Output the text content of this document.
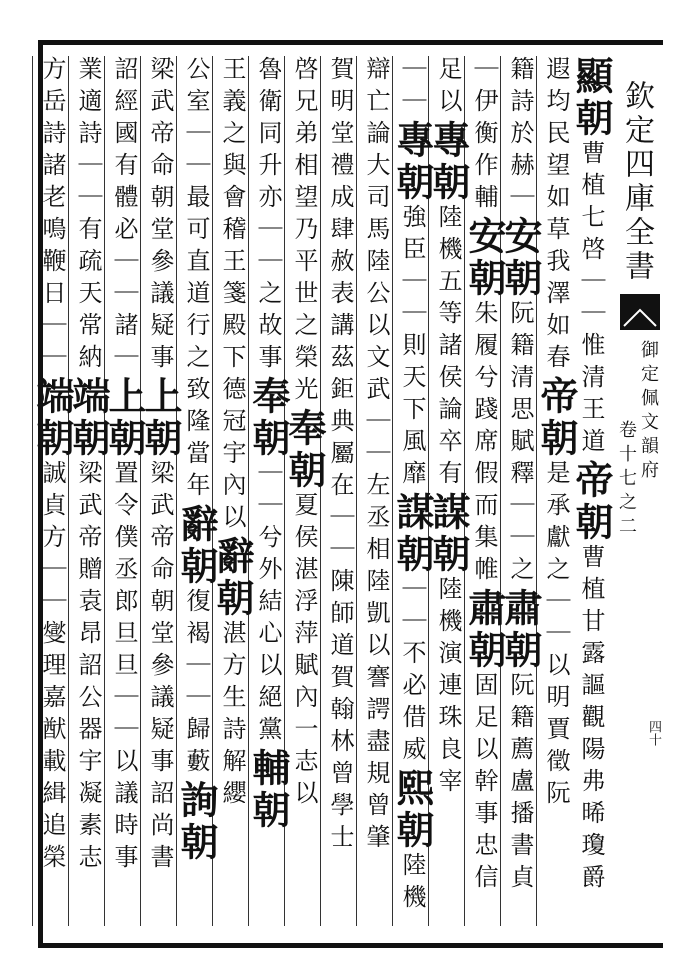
欽定四庫全書
御定佩文韻府
卷十七之二
四十
顯朝曹植七啓｜｜惟清王道帝朝曹植甘露謳觀陽弗晞瓊爵
遐均民望如草我澤如春帝朝是承獻之｜｜以明賈徵阮
籍詩於赫｜安朝阮籍清思賦釋｜｜之肅朝阮籍薦盧播書貞
｜伊衡作輔安朝朱履兮踐席假而集帷肅朝固足以幹事忠信
足以專朝陸機五等諸侯論卒有謀朝陸機演連珠良宰
｜｜專朝強臣｜｜則天下風靡謀朝｜｜不必借威熙朝陸機
辯亡論大司馬陸公以文武｜｜左丞相陸凱以謇諤盡規曾肇
賀明堂禮成肆赦表講茲鉅典屬在｜｜陳師道賀翰林曾學士
啓兄弟相望乃平世之榮光奉朝夏侯湛浮萍賦內一志以
魯衛同升亦｜｜之故事奉朝｜｜兮外結心以絕黨輔朝
王義之與會稽王箋殿下德冠宇內以辭朝湛方生詩解纓
公室｜｜最可直道行之致隆當年辭朝復褐｜｜歸藪詢朝
梁武帝命朝堂參議疑事上朝梁武帝命朝堂參議疑事詔尚書
詔經國有體必｜｜諸｜上朝置令僕丞郎旦旦｜｜以議時事
業適詩｜｜有疏天常納端朝梁武帝贈袁昂詔公器宇凝素志
方岳詩諸老鳴鞭日｜｜端朝誠貞方｜｜燮理嘉猷載緝追榮
